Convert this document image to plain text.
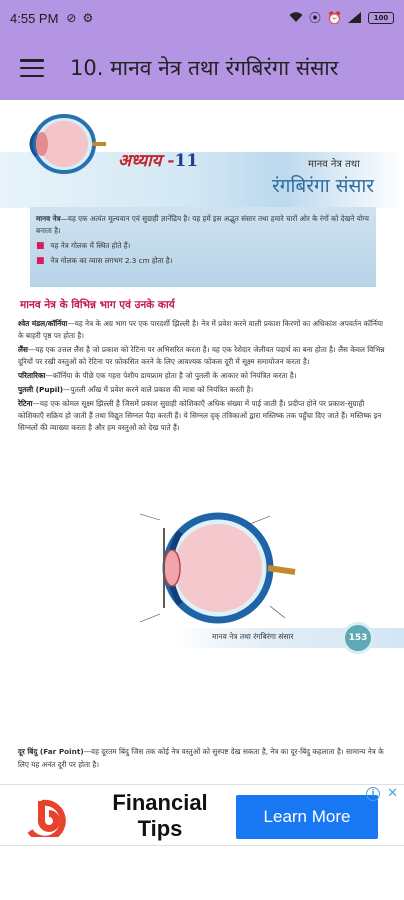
4:55 PM ⊘ ⚙	⦿ ⏰	100
10. मानव नेत्र तथा रंगबिरंगा संसार
अध्याय -11	मानव नेत्र तथा
रंगबिरंगा संसार
मानव नेत्र—यह एक अत्यंत मूल्यवान एवं सुग्राही ज्ञानेंद्रिय है। यह हमें इस अद्भुत संसार तथा हमारे चारों ओर के रंगों को देखने योग्य बनाता है।
■ यह नेत्र गोलक में स्थित होते हैं।
■ नेत्र गोलक का व्यास लगभग 2.3 cm होता है।
मानव नेत्र के विभिन्न भाग एवं उनके कार्य

श्वेत मंडल/कॉर्निया—यह नेत्र के अग्र भाग पर एक पारदर्शी झिल्ली है। नेत्र में प्रवेश करने वाली प्रकाश किरणों का अधिकांश अपवर्तन कॉर्निया के बाहरी पृष्ठ पर होता है।

लैंस—यह एक उत्तल लैंस है जो प्रकाश को रेटिना पर अभिसरित करता है। यह एक रेशेदार जेलीवत पदार्थ का बना होता है। लैंस केवल विभिन्न दूरियों पर रखी वस्तुओं को रेटिना पर फ़ोकसित करने के लिए आवश्यक फोकस दूरी में सूक्ष्म समायोजन करता है।

परितारिका—कॉर्निया के पीछे एक गहरा पेशीय डायफ्राम होता है जो पुतली के आकार को नियंत्रित करता है।

पुतली (Pupil)—पुतली आँख में प्रवेश करने वाले प्रकाश की मात्रा को नियंत्रित करती है।

रेटिना—यह एक कोमल सूक्ष्म झिल्ली है जिसमें प्रकाश सुग्राही कोशिकाएँ अधिक संख्या में पाई जाती हैं। प्रदीप्त होने पर प्रकाश-सुग्राही कोशिकाएँ सक्रिय हो जाती हैं तथा विद्युत सिग्नल पैदा करती हैं। ये सिग्नल दृक् तंत्रिकाओं द्वारा मस्तिष्क तक पहुँचा दिए जाते हैं। मस्तिष्क इन सिग्नलों की व्याख्या करता है और हम वस्तुओं को देख पाते हैं।

मानव नेत्र तथा रंगबिरंगा संसार	153
दूर बिंदु (Far Point)—वह दूरतम बिंदु जिस तक कोई नेत्र वस्तुओं को सुस्पष्ट देख सकता है, नेत्र का दूर-बिंदु कहलाता है। सामान्य नेत्र के लिए यह अनंत दूरी पर होता है।
Financial Tips	Learn More
i ✕
